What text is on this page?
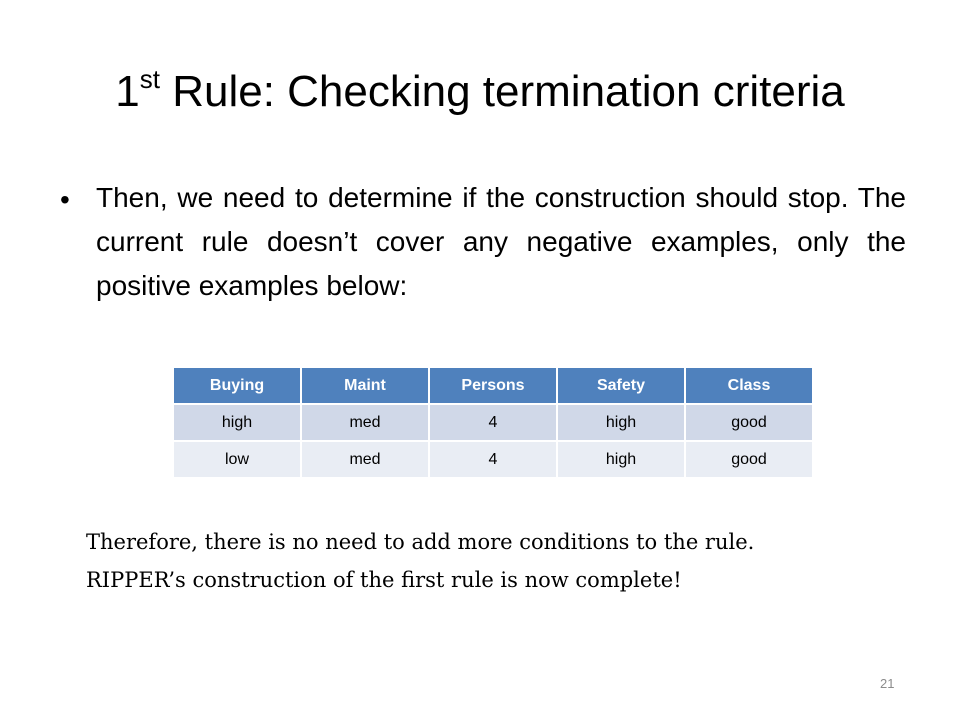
1st Rule: Checking termination criteria
• Then, we need to determine if the construction should stop. The current rule doesn’t cover any negative examples, only the positive examples below:
Buying	Maint	Persons	Safety	Class
high	med	4	high	good
low	med	4	high	good
Therefore, there is no need to add more conditions to the rule.
RIPPER’s construction of the first rule is now complete!
21
